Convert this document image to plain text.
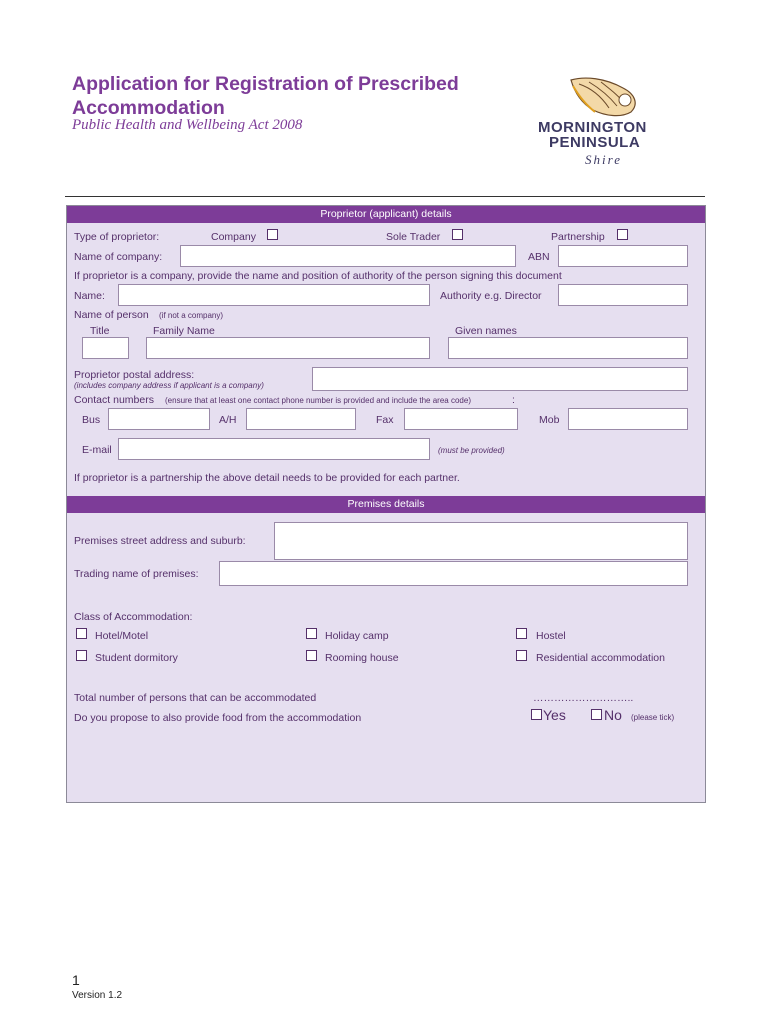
Application for Registration of Prescribed Accommodation
Public Health and Wellbeing Act 2008	MORNINGTON
PENINSULA
Shire
Proprietor (applicant) details
Type of proprietor:	Company	Sole Trader	Partnership
Name of company:	ABN
If proprietor is a company, provide the name and position of authority of the person signing this document
Name:	Authority e.g. Director
Name of person (if not a company)
Title	Family Name	Given names
Proprietor postal address:
(includes company address if applicant is a company)
Contact numbers (ensure that at least one contact phone number is provided and include the area code)	:
Bus	A/H	Fax	Mob
E-mail	(must be provided)
If proprietor is a partnership the above detail needs to be provided for each partner.
Premises details
Premises street address and suburb:
Trading name of premises:
Class of Accommodation:
Hotel/Motel	Holiday camp	Hostel
Student dormitory	Rooming house	Residential accommodation
Total number of persons that can be accommodated	………………………..
Do you propose to also provide food from the accommodation	Yes	No (please tick)
1
Version 1.2
